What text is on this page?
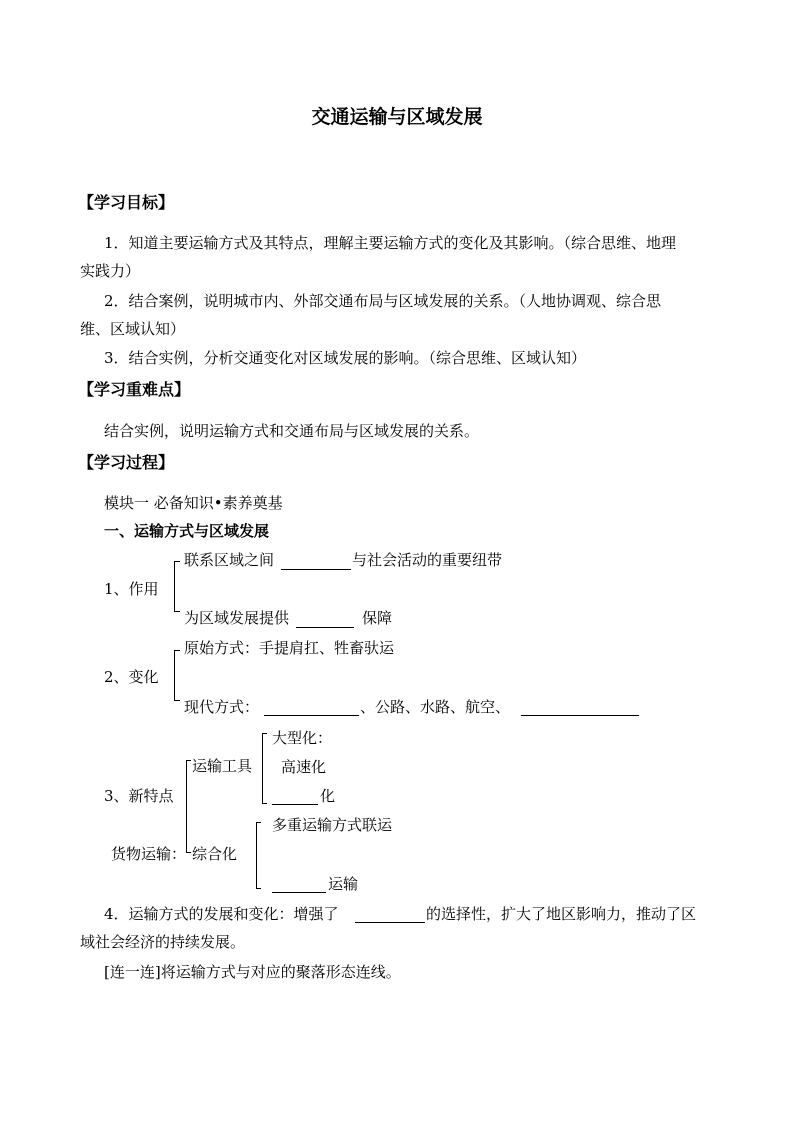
交通运输与区域发展
【学习目标】
1．知道主要运输方式及其特点，理解主要运输方式的变化及其影响。（综合思维、地理
实践力）
2．结合案例，说明城市内、外部交通布局与区域发展的关系。（人地协调观、综合思
维、区域认知）
3．结合实例，分析交通变化对区域发展的影响。（综合思维、区域认知）
【学习重难点】
结合实例，说明运输方式和交通布局与区域发展的关系。
【学习过程】
模块一 必备知识•素养奠基
一、运输方式与区域发展
1、作用
联系区域之间	与社会活动的重要纽带
为区域发展提供	保障
2、变化
原始方式：手提肩扛、牲畜驮运
现代方式：	、公路、水路、航空、
3、新特点
运输工具
大型化：
高速化
化
货物运输： 综合化
多重运输方式联运
运输
4．运输方式的发展和变化：增强了	的选择性，扩大了地区影响力，推动了区
域社会经济的持续发展。
[连一连]将运输方式与对应的聚落形态连线。
